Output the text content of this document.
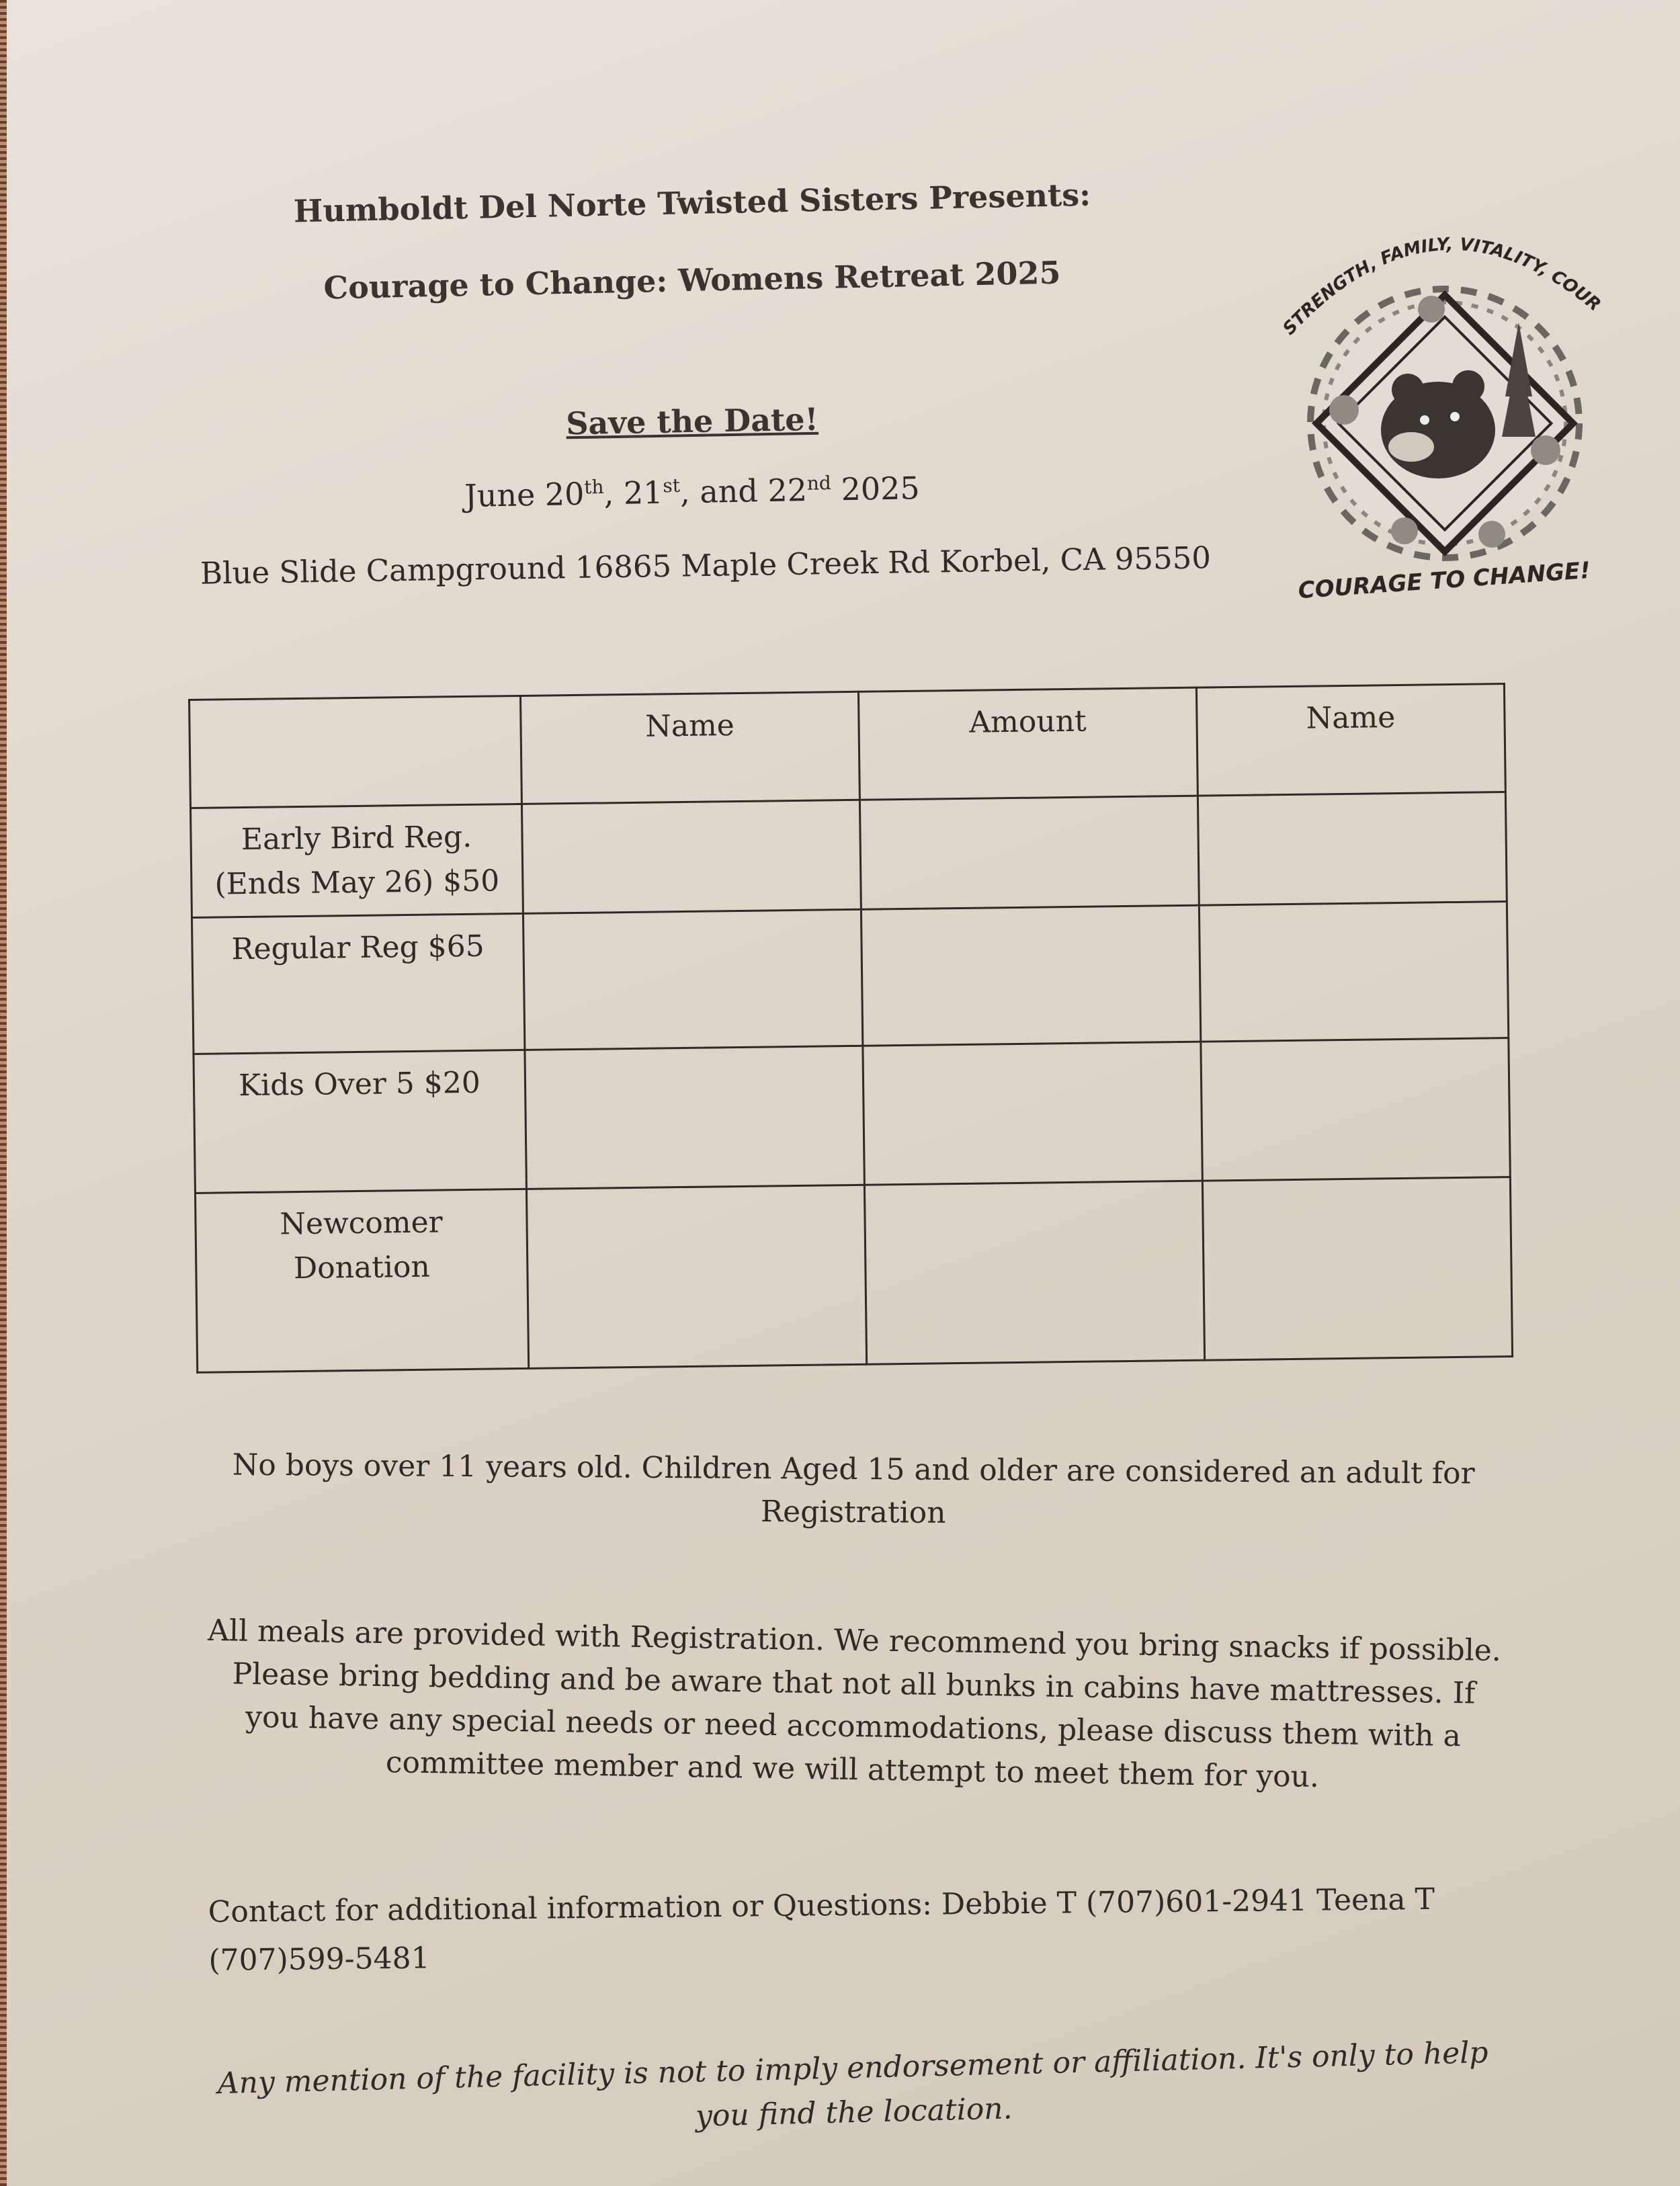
Humboldt Del Norte Twisted Sisters Presents:
Courage to Change: Womens Retreat 2025
Save the Date!
June 20th, 21st, and 22nd 2025
Blue Slide Campground 16865 Maple Creek Rd Korbel, CA 95550
STRENGTH, FAMILY, VITALITY, COUR
COURAGE TO CHANGE!
	Name	Amount	Name

Early Bird Reg.
(Ends May 26) $50			

Regular Reg $65			

Kids Over 5 $20			

Newcomer
Donation			

No boys over 11 years old. Children Aged 15 and older are considered an adult for Registration
All meals are provided with Registration. We recommend you bring snacks if possible. Please bring bedding and be aware that not all bunks in cabins have mattresses. If you have any special needs or need accommodations, please discuss them with a committee member and we will attempt to meet them for you.
Contact for additional information or Questions: Debbie T (707)601-2941 Teena T (707)599-5481
Any mention of the facility is not to imply endorsement or affiliation. It's only to help you find the location.
